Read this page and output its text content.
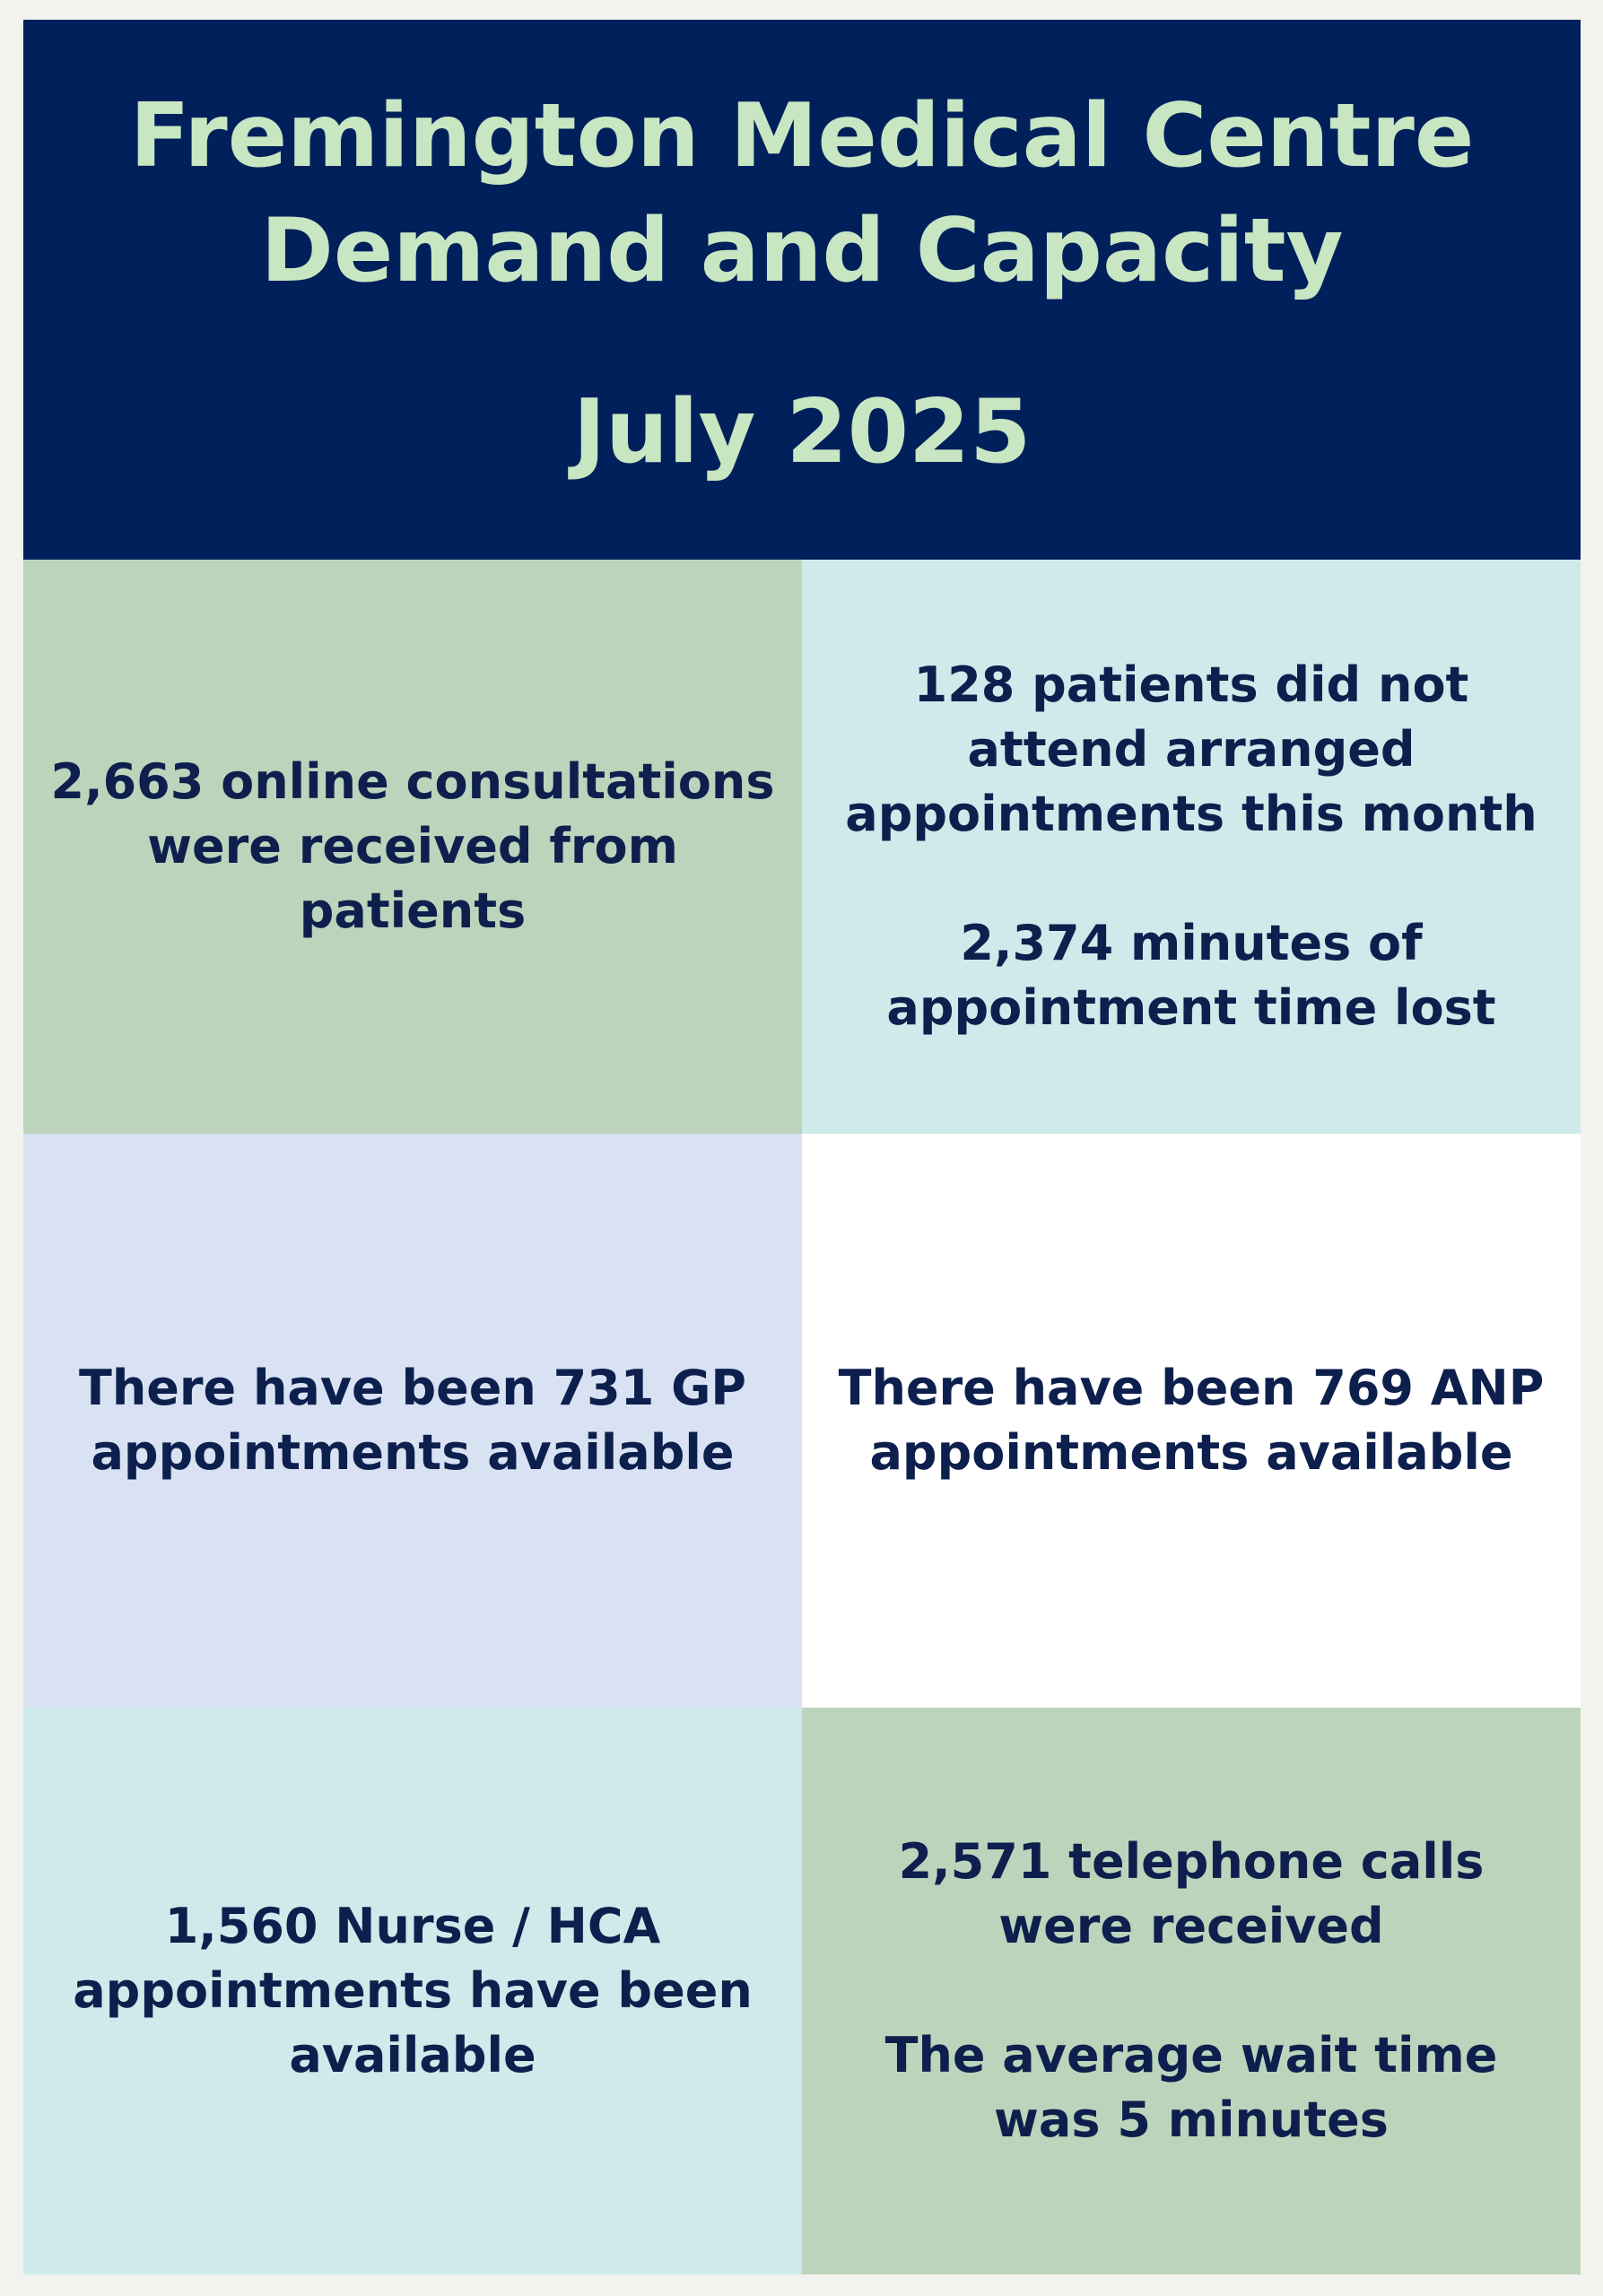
Fremington Medical Centre
Demand and Capacity
July 2025

2,663 online consultations were received from patients

128 patients did not attend arranged appointments this month

2,374 minutes of appointment time lost

There have been 731 GP appointments available

There have been 769 ANP appointments available

1,560 Nurse / HCA appointments have been available

2,571 telephone calls were received

The average wait time was 5 minutes
